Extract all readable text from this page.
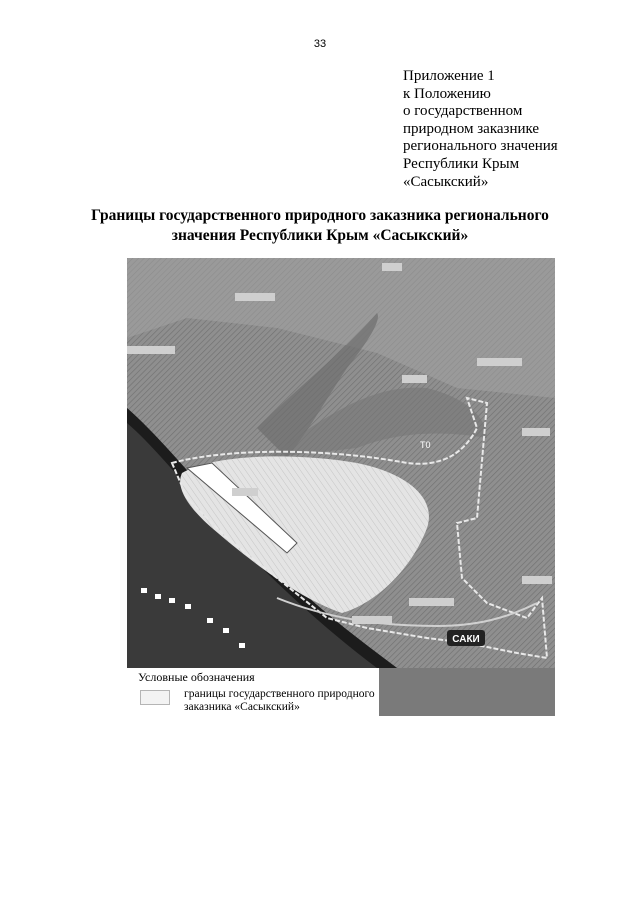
33
Приложение 1
к Положению
о государственном
природном заказнике
регионального значения
Республики Крым
«Сасыкский»
Границы государственного природного заказника регионального
значения Республики Крым «Сасыкский»
САКИ
Т0
Условные обозначения
границы государственного природного
заказника «Сасыкский»
